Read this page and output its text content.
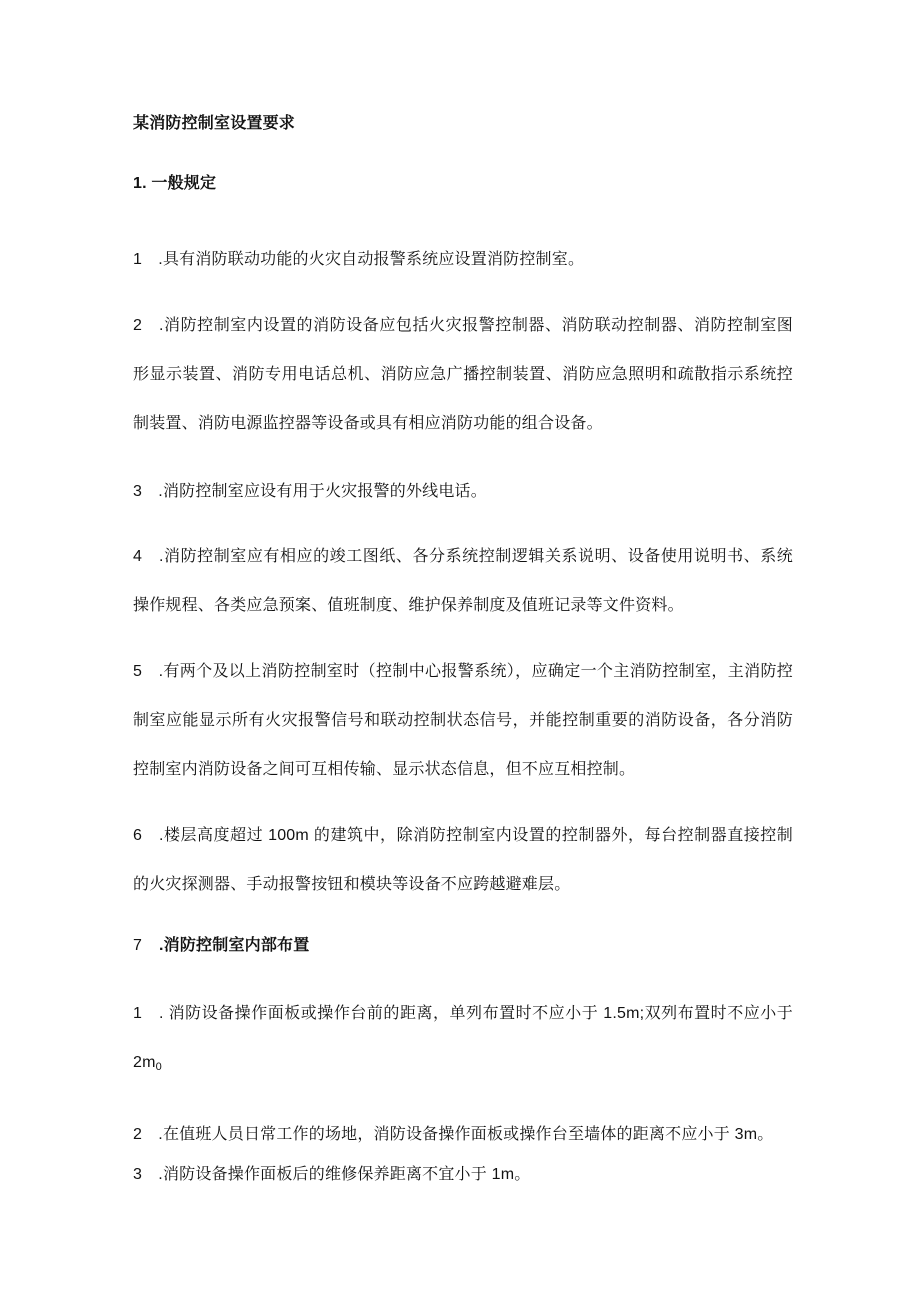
某消防控制室设置要求

1. 一般规定

1　.具有消防联动功能的火灾自动报警系统应设置消防控制室。

2　.消防控制室内设置的消防设备应包括火灾报警控制器、消防联动控制器、消防控制室图形显示装置、消防专用电话总机、消防应急广播控制装置、消防应急照明和疏散指示系统控制装置、消防电源监控器等设备或具有相应消防功能的组合设备。

3　.消防控制室应设有用于火灾报警的外线电话。

4　.消防控制室应有相应的竣工图纸、各分系统控制逻辑关系说明、设备使用说明书、系统操作规程、各类应急预案、值班制度、维护保养制度及值班记录等文件资料。

5　.有两个及以上消防控制室时（控制中心报警系统），应确定一个主消防控制室，主消防控制室应能显示所有火灾报警信号和联动控制状态信号，并能控制重要的消防设备，各分消防控制室内消防设备之间可互相传输、显示状态信息，但不应互相控制。

6　.楼层高度超过 100m 的建筑中，除消防控制室内设置的控制器外，每台控制器直接控制的火灾探测器、手动报警按钮和模块等设备不应跨越避难层。

7 .消防控制室内部布置

1　. 消防设备操作面板或操作台前的距离，单列布置时不应小于 1.5m;双列布置时不应小于 $2m_0$

2　.在值班人员日常工作的场地，消防设备操作面板或操作台至墙体的距离不应小于 3m。

3　.消防设备操作面板后的维修保养距离不宜小于 1m。
